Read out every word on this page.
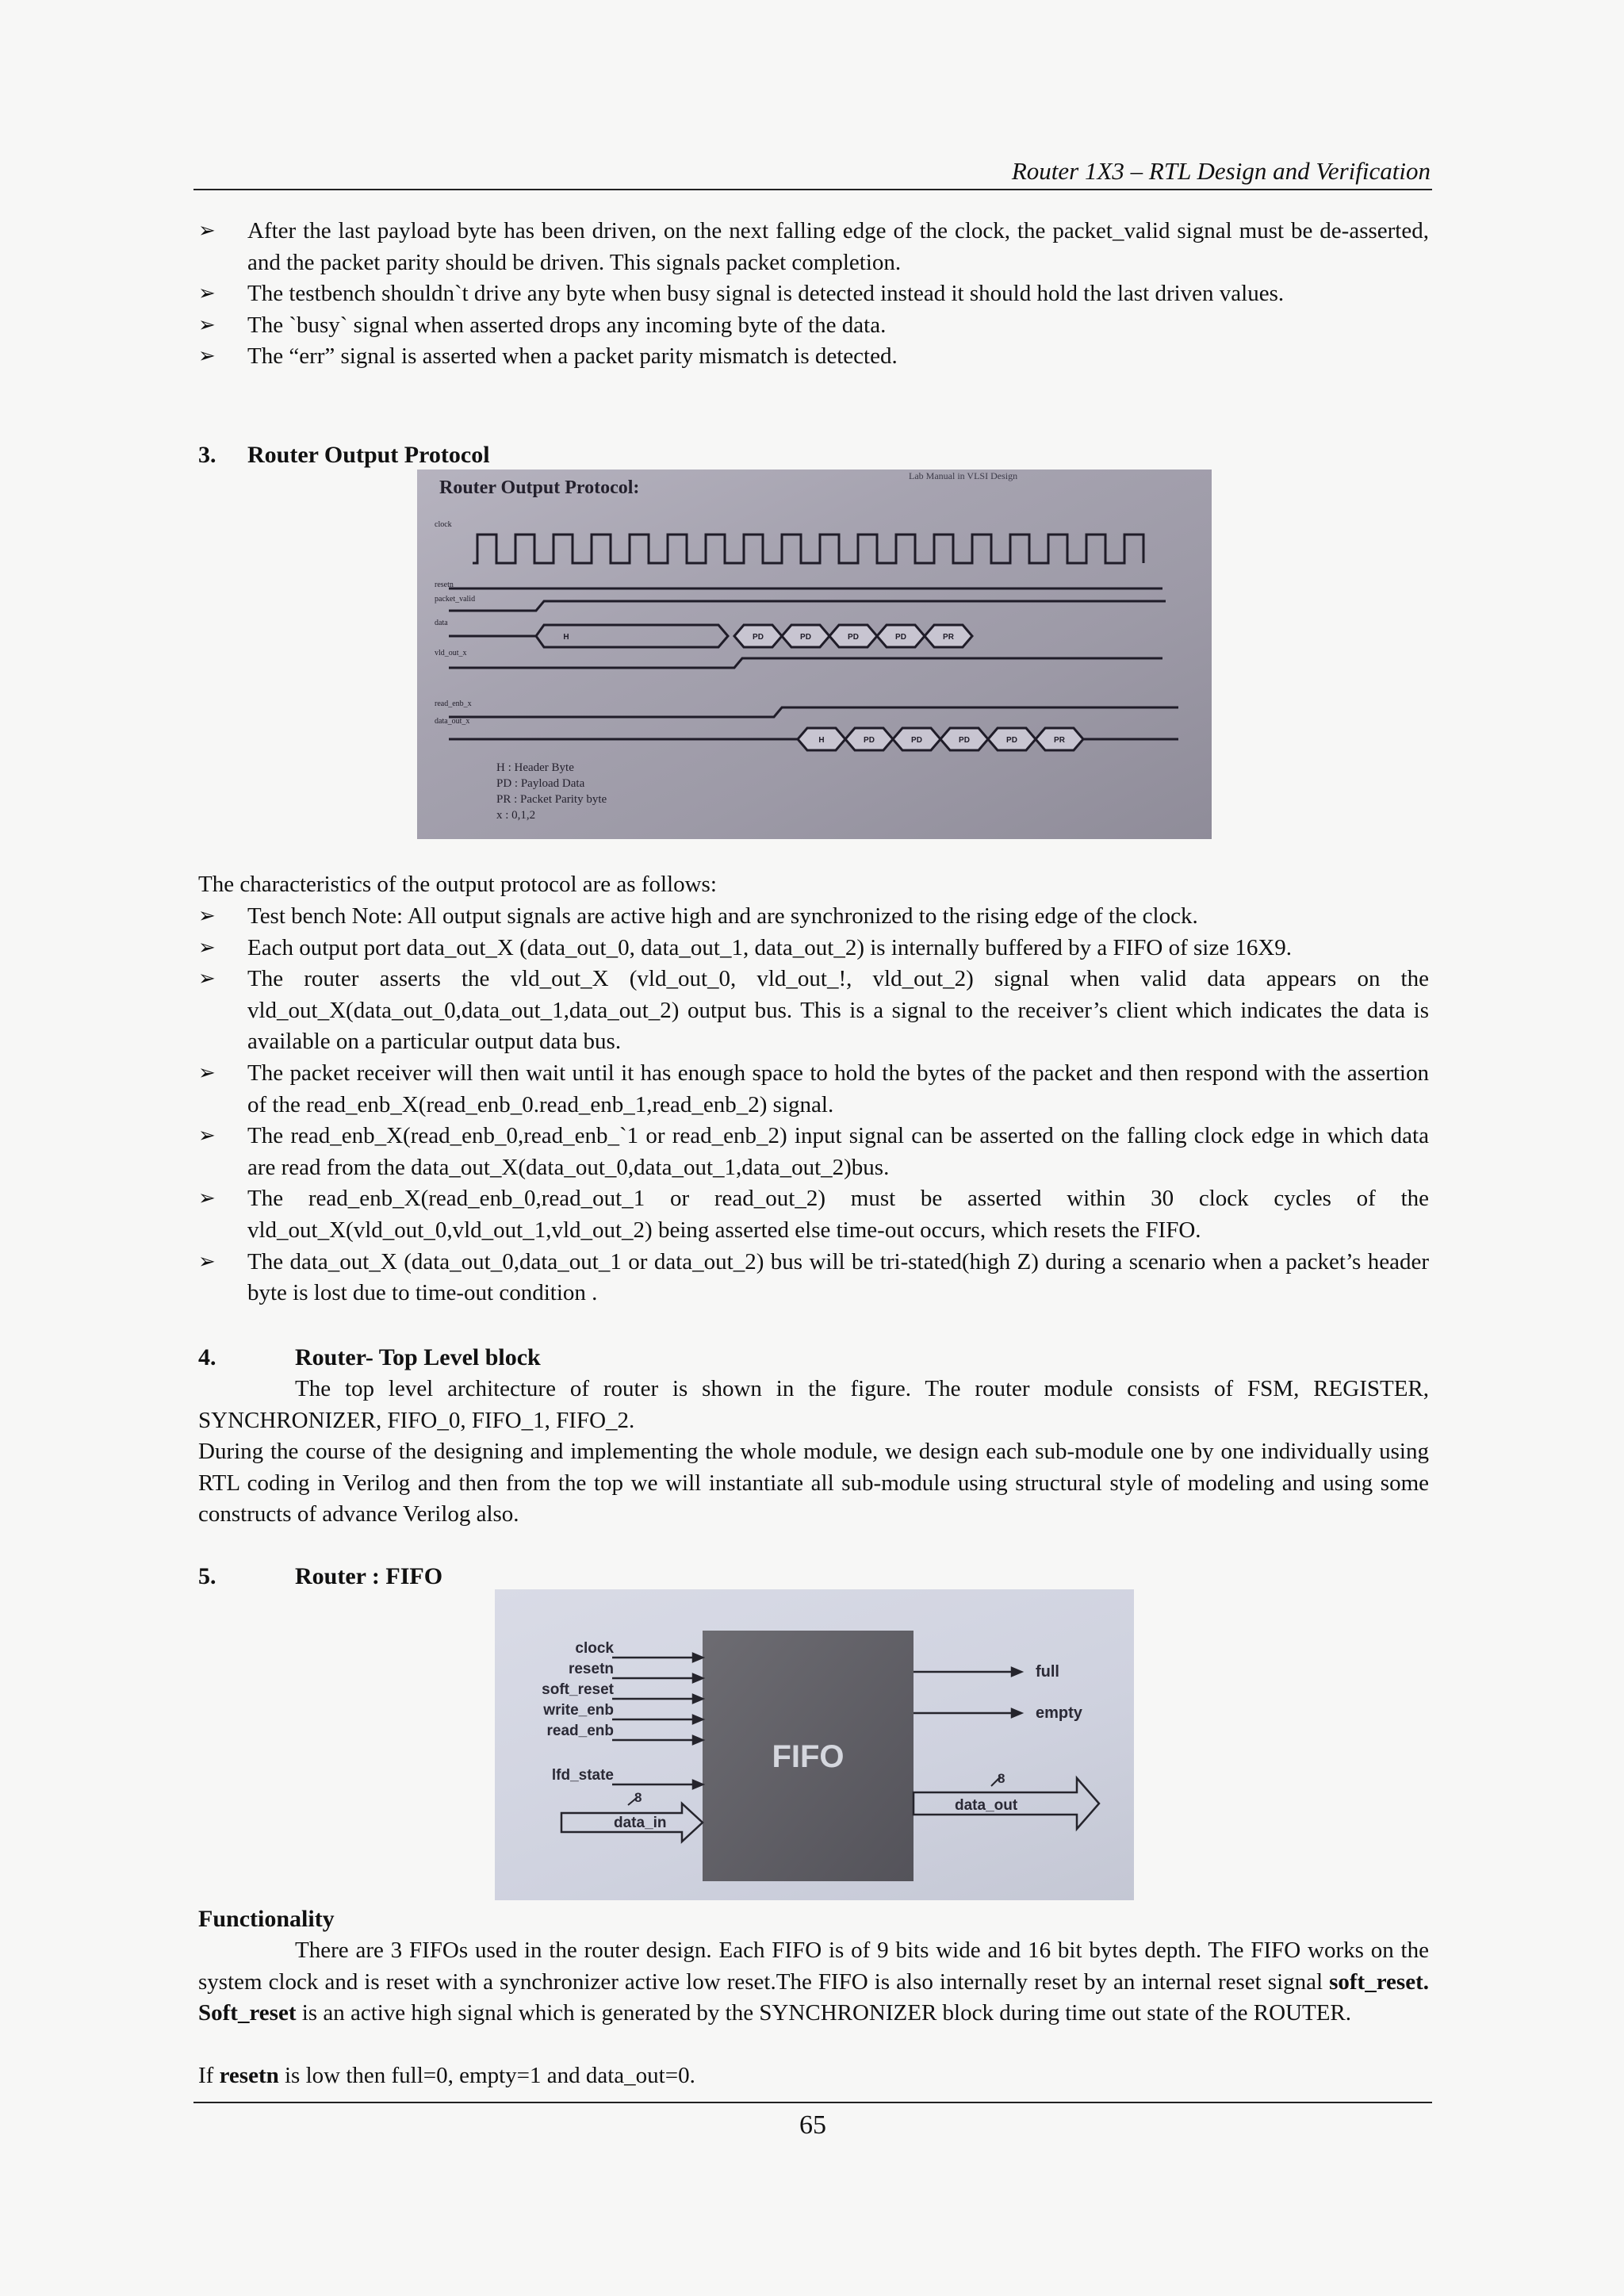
Router 1X3 – RTL Design and Verification
➢ After the last payload byte has been driven, on the next falling edge of the clock, the packet_valid signal must be de-asserted, and the packet parity should be driven. This signals packet completion.
➢ The testbench shouldn`t drive any byte when busy signal is detected instead it should hold the last driven values.
➢ The `busy` signal when asserted drops any incoming byte of the data.
➢ The “err” signal is asserted when a packet parity mismatch is detected.
3. Router Output Protocol
Router Output Protocol:
Lab Manual in VLSI Design
clock
resetn
packet_valid
data
vld_out_x
read_enb_x
data_out_x
H	PD	PD	PD	PD	PR
H	PD	PD	PD	PD	PR
H : Header Byte
PD : Payload Data
PR : Packet Parity byte
x : 0,1,2
The characteristics of the output protocol are as follows:
➢ Test bench Note: All output signals are active high and are synchronized to the rising edge of the clock.
➢ Each output port data_out_X (data_out_0, data_out_1, data_out_2) is internally buffered by a FIFO of size 16X9.
➢ The router asserts the vld_out_X (vld_out_0, vld_out_!, vld_out_2) signal when valid data appears on the vld_out_X(data_out_0,data_out_1,data_out_2) output bus. This is a signal to the receiver’s client which indicates the data is available on a particular output data bus.
➢ The packet receiver will then wait until it has enough space to hold the bytes of the packet and then respond with the assertion of the read_enb_X(read_enb_0.read_enb_1,read_enb_2) signal.
➢ The read_enb_X(read_enb_0,read_enb_`1 or read_enb_2) input signal can be asserted on the falling clock edge in which data are read from the data_out_X(data_out_0,data_out_1,data_out_2)bus.
➢ The read_enb_X(read_enb_0,read_out_1 or read_out_2) must be asserted within 30 clock cycles of the vld_out_X(vld_out_0,vld_out_1,vld_out_2) being asserted else time-out occurs, which resets the FIFO.
➢ The data_out_X (data_out_0,data_out_1 or data_out_2) bus will be tri-stated(high Z) during a scenario when a packet’s header byte is lost due to time-out condition .
4.	Router- Top Level block
The top level architecture of router is shown in the figure. The router module consists of FSM, REGISTER, SYNCHRONIZER, FIFO_0, FIFO_1, FIFO_2.
During the course of the designing and implementing the whole module, we design each sub-module one by one individually using RTL coding in Verilog and then from the top we will instantiate all sub-module using structural style of modeling and using some constructs of advance Verilog also.
5.	Router : FIFO
FIFO
clock
resetn
soft_reset
write_enb
read_enb
lfd_state
8
data_in
full
empty
8
data_out
Functionality
There are 3 FIFOs used in the router design. Each FIFO is of 9 bits wide and 16 bit bytes depth. The FIFO works on the system clock and is reset with a synchronizer active low reset.The FIFO is also internally reset by an internal reset signal soft_reset. Soft_reset is an active high signal which is generated by the SYNCHRONIZER block during time out state of the ROUTER.
If resetn is low then full=0, empty=1 and data_out=0.
65
